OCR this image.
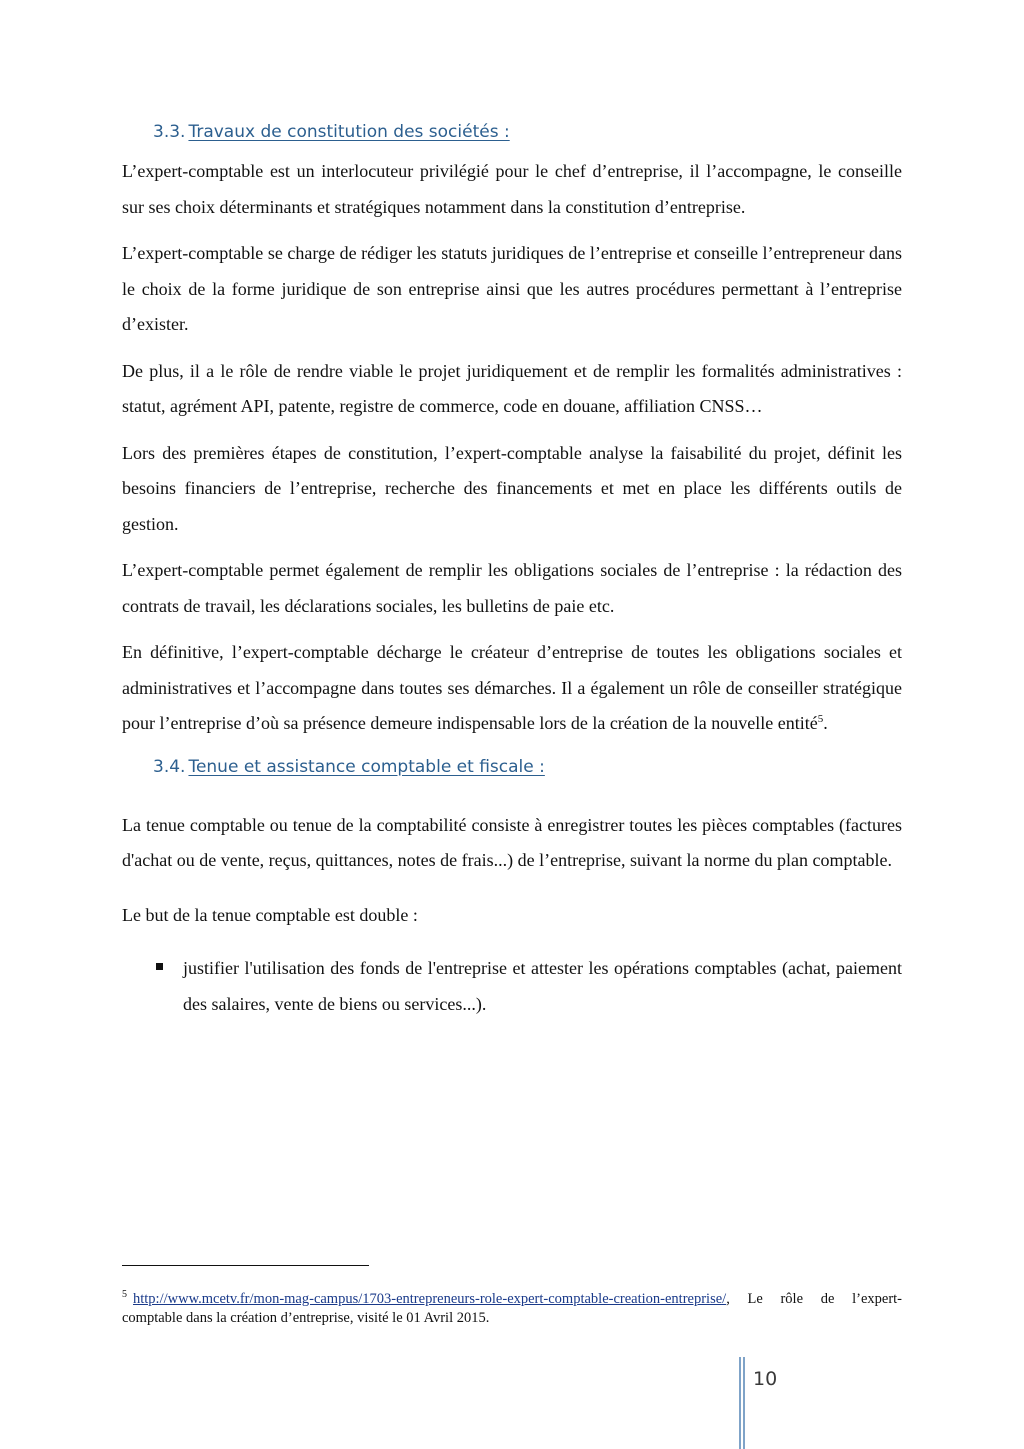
3.3. Travaux de constitution des sociétés :

L’expert-comptable est un interlocuteur privilégié pour le chef d’entreprise, il l’accompagne, le conseille sur ses choix déterminants et stratégiques notamment dans la constitution d’entreprise.

L’expert-comptable se charge de rédiger les statuts juridiques de l’entreprise et conseille l’entrepreneur dans le choix de la forme juridique de son entreprise ainsi que les autres procédures permettant à l’entreprise d’exister.

De plus, il a le rôle de rendre viable le projet juridiquement et de remplir les formalités administratives : statut, agrément API, patente, registre de commerce, code en douane, affiliation CNSS…

Lors des premières étapes de constitution, l’expert-comptable analyse la faisabilité du projet, définit les besoins financiers de l’entreprise, recherche des financements et met en place les différents outils de gestion.

L’expert-comptable permet également de remplir les obligations sociales de l’entreprise : la rédaction des contrats de travail, les déclarations sociales, les bulletins de paie etc.

En définitive, l’expert-comptable décharge le créateur d’entreprise de toutes les obligations sociales et administratives et l’accompagne dans toutes ses démarches. Il a également un rôle de conseiller stratégique pour l’entreprise d’où sa présence demeure indispensable lors de la création de la nouvelle entité$^5$.

3.4. Tenue et assistance comptable et fiscale :

La tenue comptable ou tenue de la comptabilité consiste à enregistrer toutes les pièces comptables (factures d'achat ou de vente, reçus, quittances, notes de frais...) de l’entreprise, suivant la norme du plan comptable.

Le but de la tenue comptable est double :

justifier l'utilisation des fonds de l'entreprise et attester les opérations comptables (achat, paiement des salaires, vente de biens ou services...).
$^5$ http://www.mcetv.fr/mon-mag-campus/1703-entrepreneurs-role-expert-comptable-creation-entreprise/, Le rôle de l’expert-comptable dans la création d’entreprise, visité le 01 Avril 2015.
10
